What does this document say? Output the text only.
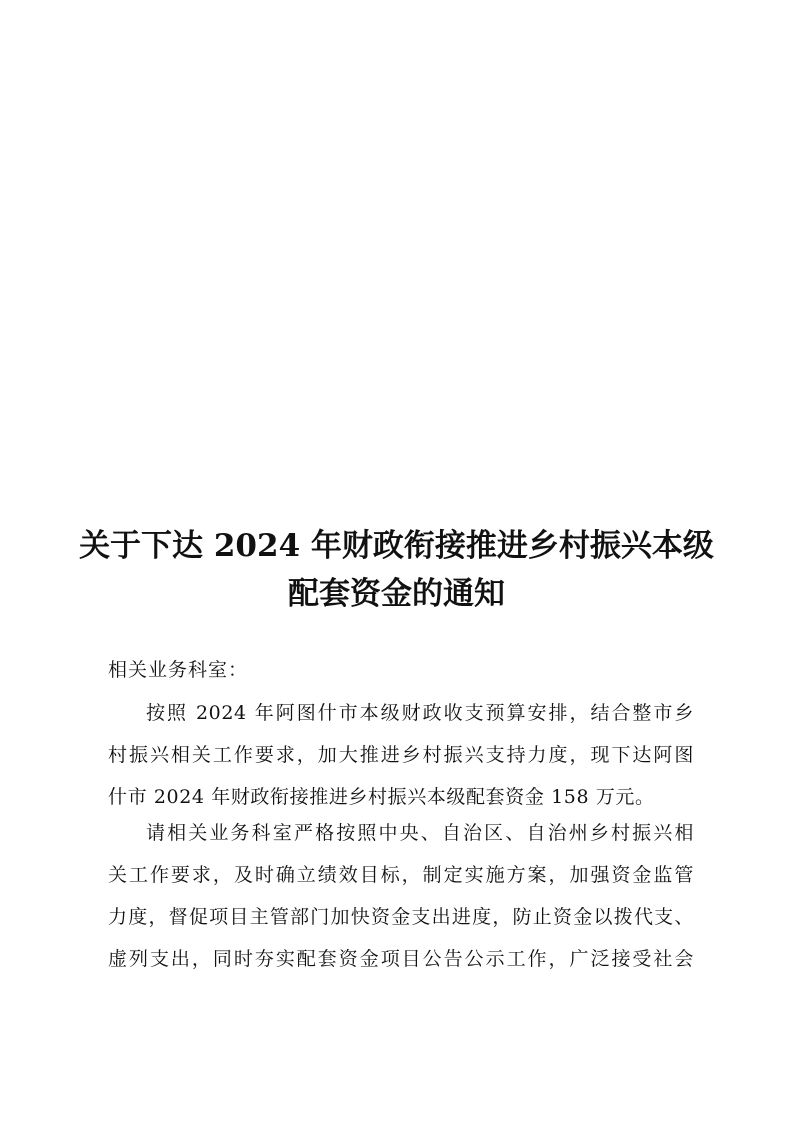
关于下达 2024 年财政衔接推进乡村振兴本级
配套资金的通知

相关业务科室：

按照 2024 年阿图什市本级财政收支预算安排，结合整市乡
村振兴相关工作要求，加大推进乡村振兴支持力度，现下达阿图
什市 2024 年财政衔接推进乡村振兴本级配套资金 158 万元。
请相关业务科室严格按照中央、自治区、自治州乡村振兴相
关工作要求，及时确立绩效目标，制定实施方案，加强资金监管
力度，督促项目主管部门加快资金支出进度，防止资金以拨代支、
虚列支出，同时夯实配套资金项目公告公示工作，广泛接受社会
